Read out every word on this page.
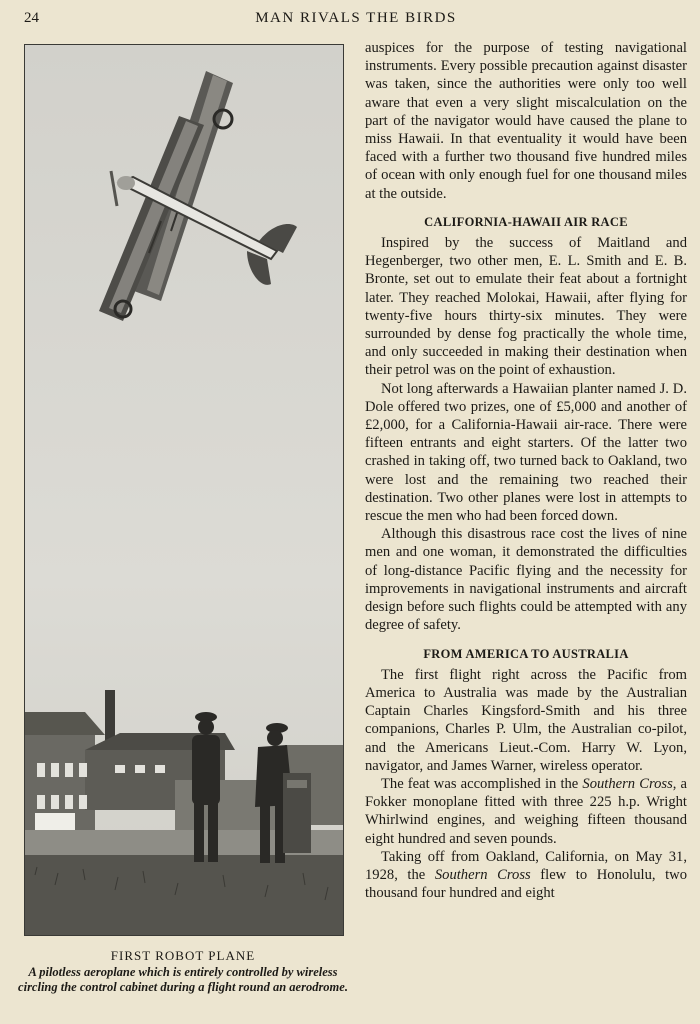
24	MAN RIVALS THE BIRDS
FIRST ROBOT PLANE
A pilotless aeroplane which is entirely controlled by wireless circling the control cabinet during a flight round an aerodrome.

auspices for the purpose of testing navigational instruments. Every possible precaution against disaster was taken, since the authorities were only too well aware that even a very slight miscalculation on the part of the navigator would have caused the plane to miss Hawaii. In that eventuality it would have been faced with a further two thousand five hundred miles of ocean with only enough fuel for one thousand miles at the outside.

CALIFORNIA-HAWAII AIR RACE

Inspired by the success of Maitland and Hegenberger, two other men, E. L. Smith and E. B. Bronte, set out to emulate their feat about a fortnight later. They reached Molokai, Hawaii, after flying for twenty-five hours thirty-six minutes. They were surrounded by dense fog practically the whole time, and only succeeded in making their destination when their petrol was on the point of exhaustion.

Not long afterwards a Hawaiian planter named J. D. Dole offered two prizes, one of £5,000 and another of £2,000, for a California-Hawaii air-race. There were fifteen entrants and eight starters. Of the latter two crashed in taking off, two turned back to Oakland, two were lost and the remaining two reached their destination. Two other planes were lost in attempts to rescue the men who had been forced down.

Although this disastrous race cost the lives of nine men and one woman, it demonstrated the difficulties of long-distance Pacific flying and the necessity for improvements in navigational instruments and aircraft design before such flights could be attempted with any degree of safety.

FROM AMERICA TO AUSTRALIA

The first flight right across the Pacific from America to Australia was made by the Australian Captain Charles Kingsford-Smith and his three companions, Charles P. Ulm, the Australian co-pilot, and the Americans Lieut.-Com. Harry W. Lyon, navigator, and James Warner, wireless operator.

The feat was accomplished in the Southern Cross, a Fokker monoplane fitted with three 225 h.p. Wright Whirlwind engines, and weighing fifteen thousand eight hundred and seven pounds.

Taking off from Oakland, California, on May 31, 1928, the Southern Cross flew to Honolulu, two thousand four hundred and eight
